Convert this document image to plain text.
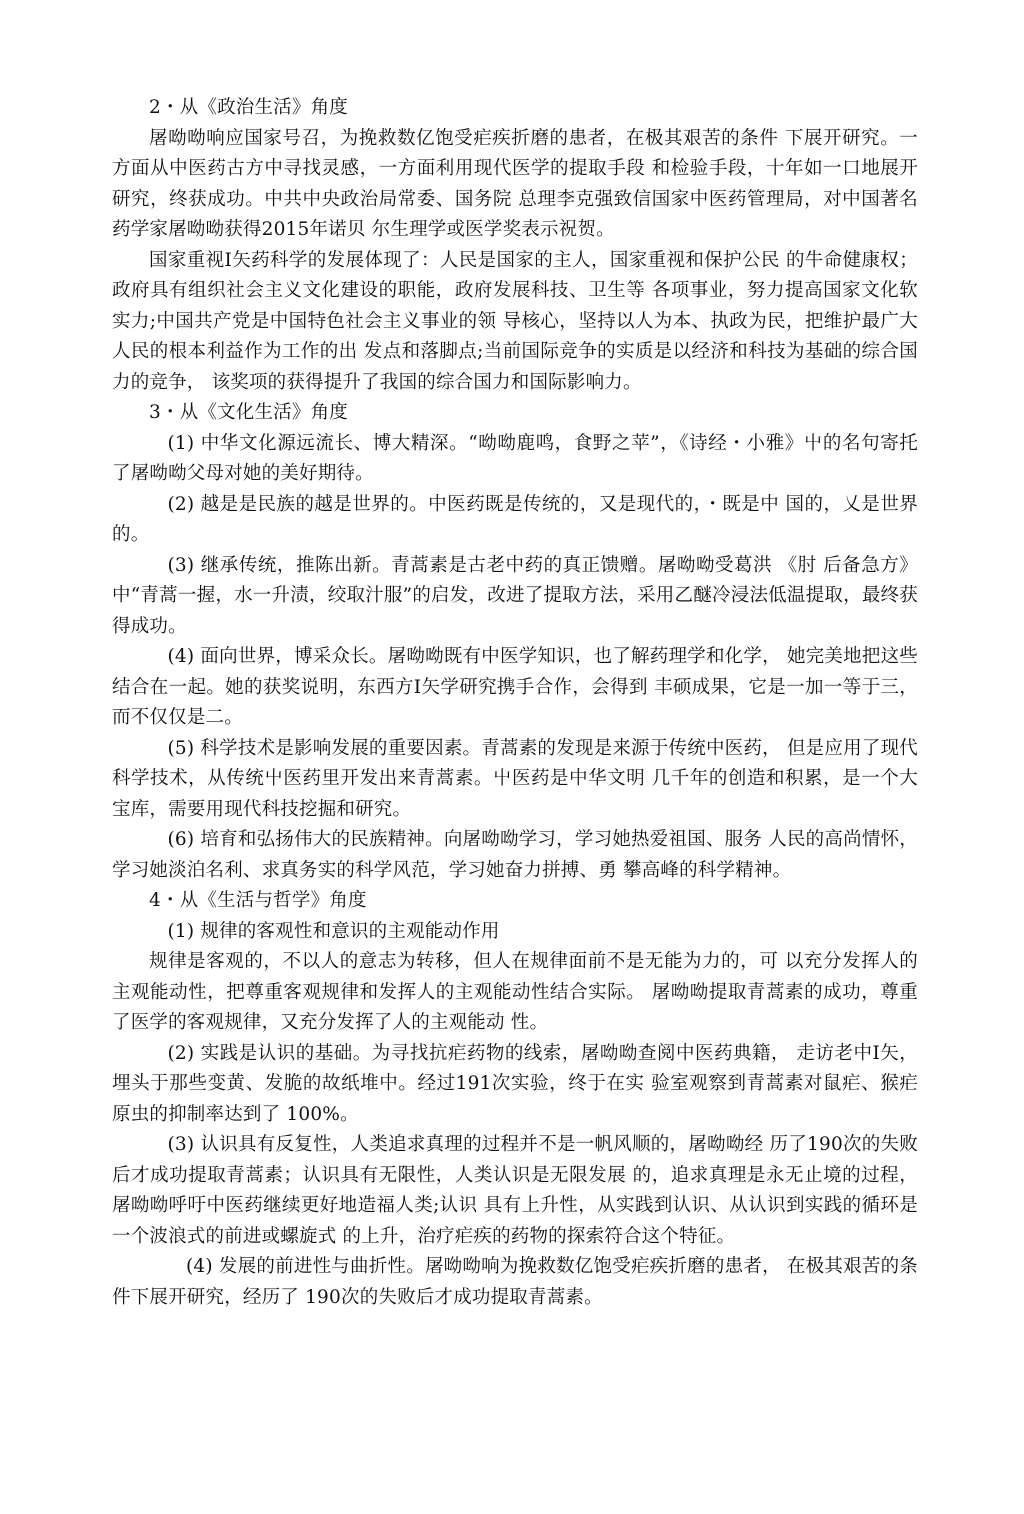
2・从《政治生活》角度

屠呦呦响应国家号召，为挽救数亿饱受疟疾折磨的患者，在极其艰苦的条件 下展开研究。一方面从中医药古方中寻找灵感，一方面利用现代医学的提取手段 和检验手段，十年如一口地展开研究，终获成功。中共中央政治局常委、国务院 总理李克强致信国家中医药管理局，对中国著名药学家屠呦呦获得2015年诺贝 尔生理学或医学奖表示祝贺。

国家重视I矢药科学的发展体现了：人民是国家的主人，国家重视和保护公民 的牛命健康权；政府具有组织社会主义文化建设的职能，政府发展科技、卫生等 各项事业，努力提高国家文化软实力;中国共产党是中国特色社会主义事业的领 导核心，坚持以人为本、执政为民，把维护最广大人民的根本利益作为工作的出 发点和落脚点;当前国际竞争的实质是以经济和科技为基础的综合国力的竞争， 该奖项的获得提升了我国的综合国力和国际影响力。

3・从《文化生活》角度

(1) 中华文化源远流长、博大精深。“呦呦鹿鸣，食野之苹”，《诗经・小雅》屮的名句寄托了屠呦呦父母对她的美好期待。

(2) 越是是民族的越是世界的。中医药既是传统的，又是现代的，・既是中 国的，乂是世界的。

(3) 继承传统，推陈出新。青蒿素是古老中药的真正馈赠。屠呦呦受葛洪 《肘 后备急方》中“青蒿一握，水一升渍，绞取汁服”的启发，改进了提取方法，采用乙醚冷浸法低温提取，最终获得成功。

(4) 面向世界，博采众长。屠呦呦既有中医学知识，也了解药理学和化学， 她完美地把这些结合在一起。她的获奖说明，东西方I矢学研究携手合作，会得到 丰硕成果，它是一加一等于三，而不仅仅是二。

(5) 科学技术是影响发展的重要因素。青蒿素的发现是来源于传统中医药， 但是应用了现代科学技术，从传统屮医药里开发出来青蒿素。屮医药是中华文明 几千年的创造和积累，是一个大宝库，需要用现代科技挖掘和研究。

(6) 培育和弘扬伟大的民族精神。向屠呦呦学习，学习她热爱祖国、服务 人民的高尚情怀，学习她淡泊名利、求真务实的科学风范，学习她奋力拼搏、勇 攀高峰的科学精神。

4・从《生活与哲学》角度

(1) 规律的客观性和意识的主观能动作用

规律是客观的，不以人的意志为转移，但人在规律面前不是无能为力的，可 以充分发挥人的主观能动性，把尊重客观规律和发挥人的主观能动性结合实际。 屠呦呦提取青蒿素的成功，尊重了医学的客观规律，又充分发挥了人的主观能动 性。

(2) 实践是认识的基础。为寻找抗疟药物的线索，屠呦呦查阅中医药典籍， 走访老中I矢，埋头于那些变黄、发脆的故纸堆中。经过191次实验，终于在实 验室观察到青蒿素对鼠疟、猴疟原虫的抑制率达到了 100%。

(3) 认识具有反复性，人类追求真理的过程并不是一帆风顺的，屠呦呦经 历了190次的失败后才成功提取青蒿素；认识具有无限性，人类认识是无限发展 的，追求真理是永无止境的过程，屠呦呦呼吁中医药继续更好地造福人类;认识 具有上升性，从实践到认识、从认识到实践的循环是一个波浪式的前进或螺旋式 的上升，治疗疟疾的药物的探索符合这个特征。

(4) 发展的前进性与曲折性。屠呦呦响为挽救数亿饱受疟疾折磨的患者， 在极其艰苦的条件下展开研究，经历了 190次的失败后才成功提取青蒿素。
